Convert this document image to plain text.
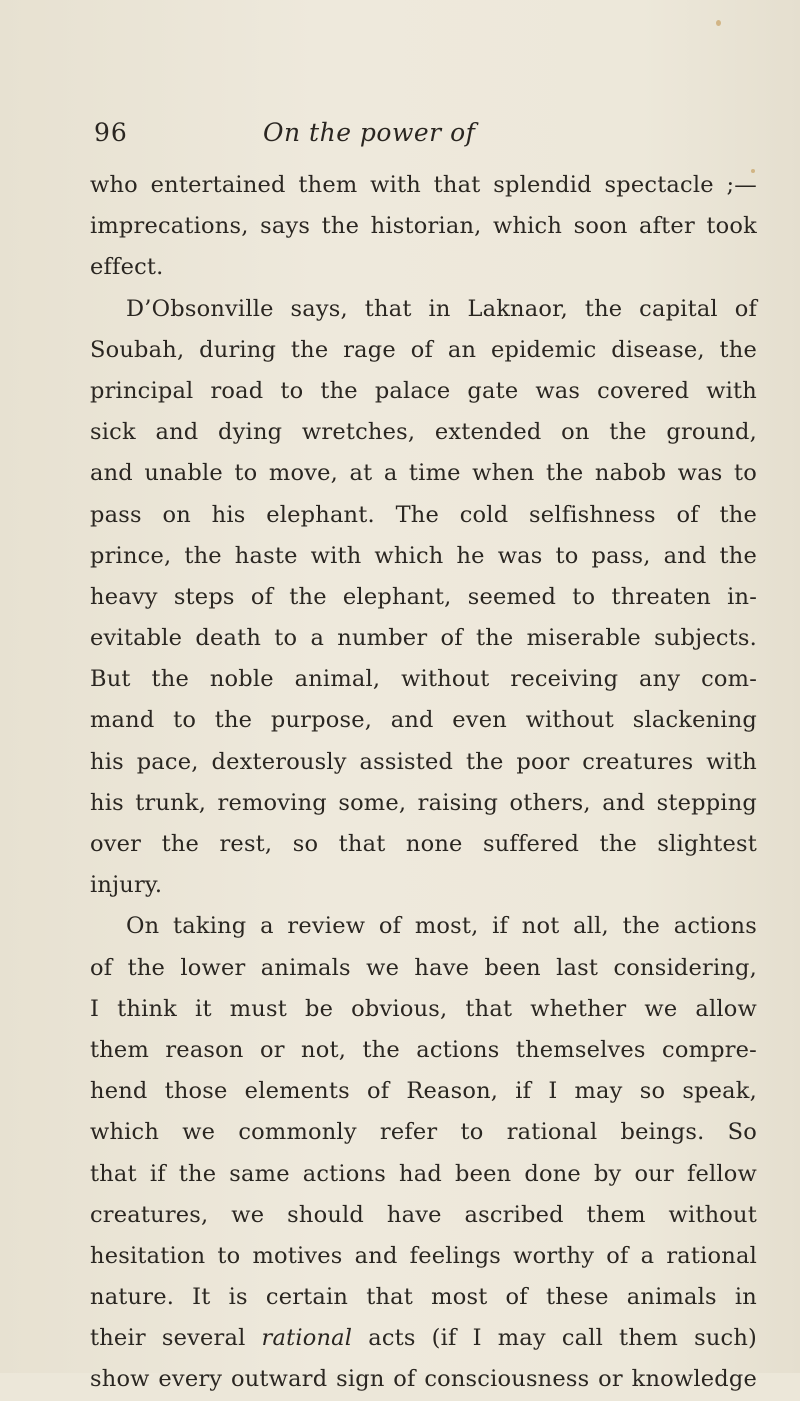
96	On the power of
who entertained them with that splendid spectacle ;—
imprecations, says the historian, which soon after took
effect.
D’Obsonville says, that in Laknaor, the capital of
Soubah, during the rage of an epidemic disease, the
principal road to the palace gate was covered with
sick and dying wretches, extended on the ground,
and unable to move, at a time when the nabob was to
pass on his elephant. The cold selfishness of the
prince, the haste with which he was to pass, and the
heavy steps of the elephant, seemed to threaten in-
evitable death to a number of the miserable subjects.
But the noble animal, without receiving any com-
mand to the purpose, and even without slackening
his pace, dexterously assisted the poor creatures with
his trunk, removing some, raising others, and stepping
over the rest, so that none suffered the slightest
injury.
On taking a review of most, if not all, the actions
of the lower animals we have been last considering,
I think it must be obvious, that whether we allow
them reason or not, the actions themselves compre-
hend those elements of Reason, if I may so speak,
which we commonly refer to rational beings. So
that if the same actions had been done by our fellow
creatures, we should have ascribed them without
hesitation to motives and feelings worthy of a rational
nature. It is certain that most of these animals in
their several rational acts (if I may call them such)
show every outward sign of consciousness or knowledge
